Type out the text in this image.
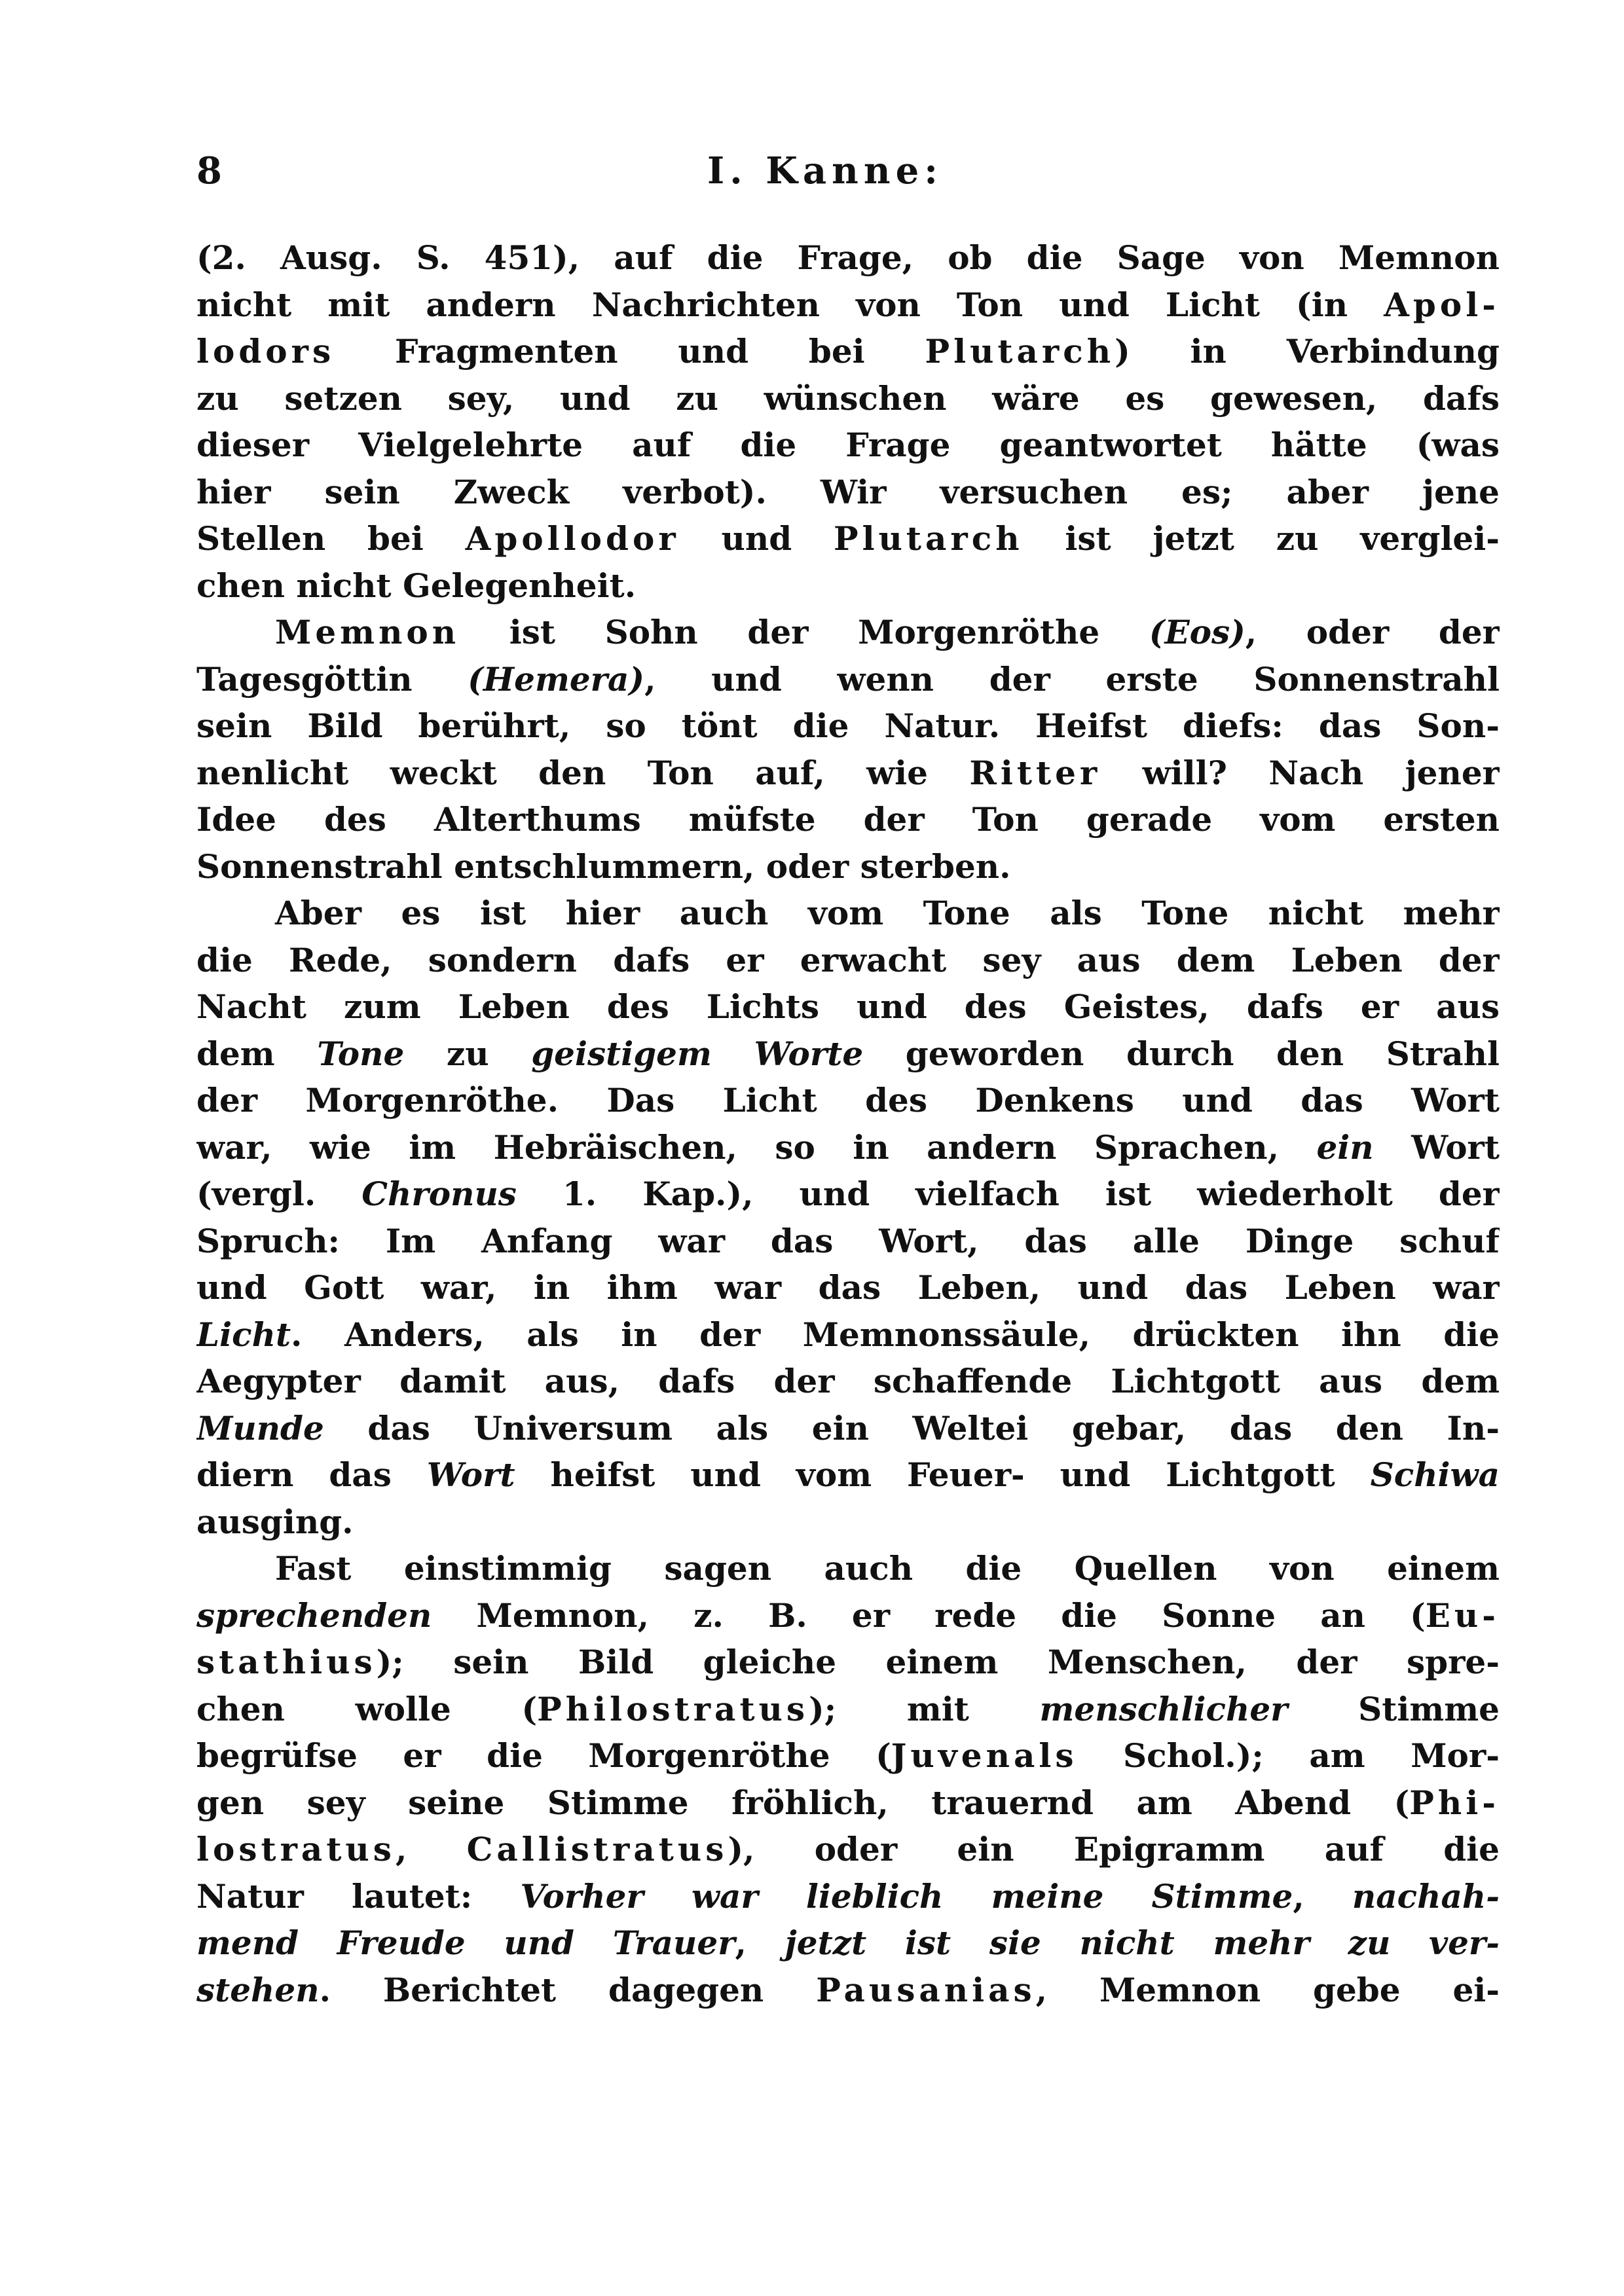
8	I. Kanne:
(2. Ausg. S. 451), auf die Frage, ob die Sage von Memnon
nicht mit andern Nachrichten von Ton und Licht (in Apol-
lodors Fragmenten und bei Plutarch) in Verbindung
zu setzen sey, und zu wünschen wäre es gewesen, dafs
dieser Vielgelehrte auf die Frage geantwortet hätte (was
hier sein Zweck verbot). Wir versuchen es; aber jene
Stellen bei Apollodor und Plutarch ist jetzt zu verglei-
chen nicht Gelegenheit.
Memnon ist Sohn der Morgenröthe (Eos), oder der
Tagesgöttin (Hemera), und wenn der erste Sonnenstrahl
sein Bild berührt, so tönt die Natur. Heifst diefs: das Son-
nenlicht weckt den Ton auf, wie Ritter will? Nach jener
Idee des Alterthums müfste der Ton gerade vom ersten
Sonnenstrahl entschlummern, oder sterben.
Aber es ist hier auch vom Tone als Tone nicht mehr
die Rede, sondern dafs er erwacht sey aus dem Leben der
Nacht zum Leben des Lichts und des Geistes, dafs er aus
dem Tone zu geistigem Worte geworden durch den Strahl
der Morgenröthe. Das Licht des Denkens und das Wort
war, wie im Hebräischen, so in andern Sprachen, ein Wort
(vergl. Chronus 1. Kap.), und vielfach ist wiederholt der
Spruch: Im Anfang war das Wort, das alle Dinge schuf
und Gott war, in ihm war das Leben, und das Leben war
Licht. Anders, als in der Memnonssäule, drückten ihn die
Aegypter damit aus, dafs der schaffende Lichtgott aus dem
Munde das Universum als ein Weltei gebar, das den In-
diern das Wort heifst und vom Feuer- und Lichtgott Schiwa
ausging.
Fast einstimmig sagen auch die Quellen von einem
sprechenden Memnon, z. B. er rede die Sonne an (Eu-
stathius); sein Bild gleiche einem Menschen, der spre-
chen wolle (Philostratus); mit menschlicher Stimme
begrüfse er die Morgenröthe (Juvenals Schol.); am Mor-
gen sey seine Stimme fröhlich, trauernd am Abend (Phi-
lostratus, Callistratus), oder ein Epigramm auf die
Natur lautet: Vorher war lieblich meine Stimme, nachah-
mend Freude und Trauer, jetzt ist sie nicht mehr zu ver-
stehen. Berichtet dagegen Pausanias, Memnon gebe ei-
